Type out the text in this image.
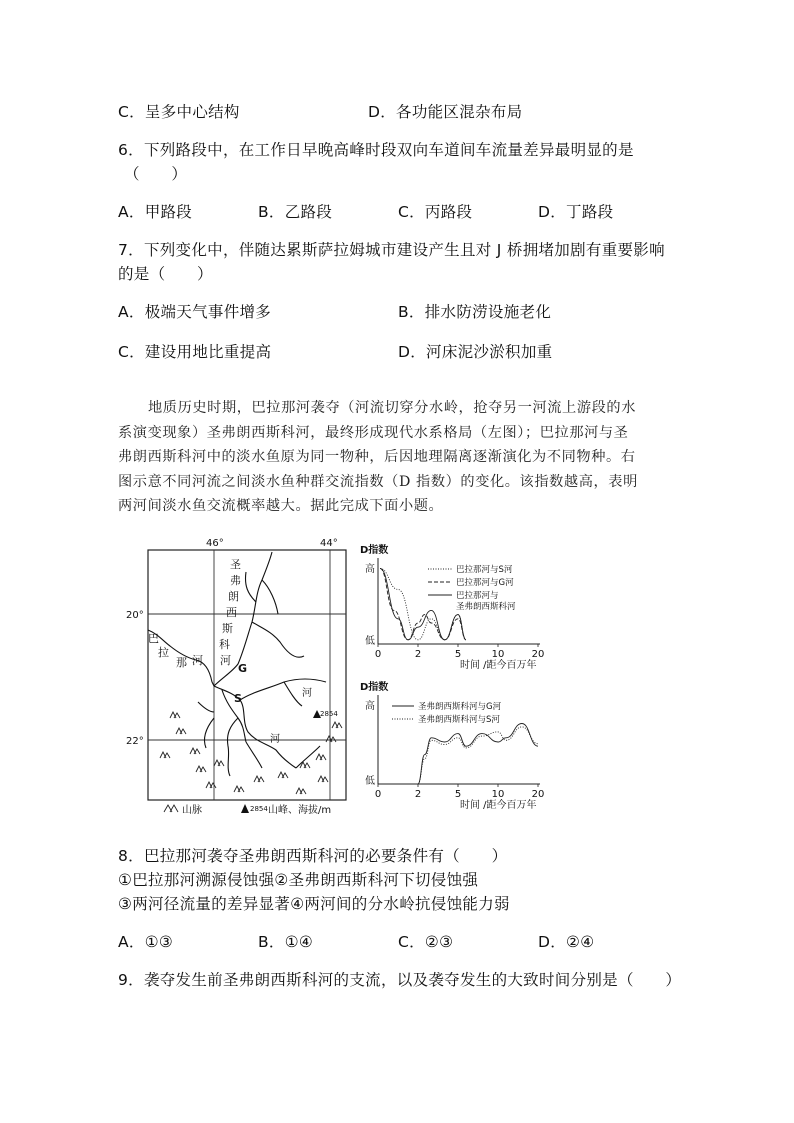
C．呈多中心结构	D．各功能区混杂布局
6．下列路段中，在工作日早晚高峰时段双向车道间车流量差异最明显的是
（　　）
A．甲路段	B．乙路段	C．丙路段	D．丁路段
7．下列变化中，伴随达累斯萨拉姆城市建设产生且对 J 桥拥堵加剧有重要影响
的是（　　）
A．极端天气事件增多	B．排水防涝设施老化
C．建设用地比重提高	D．河床泥沙淤积加重
地质历史时期，巴拉那河袭夺（河流切穿分水岭，抢夺另一河流上游段的水
系演变现象）圣弗朗西斯科河，最终形成现代水系格局（左图）；巴拉那河与圣
弗朗西斯科河中的淡水鱼原为同一物种，后因地理隔离逐渐演化为不同物种。右
图示意不同河流之间淡水鱼种群交流指数（D 指数）的变化。该指数越高，表明
两河间淡水鱼交流概率越大。据此完成下面小题。
46°	44°
20°
22°
圣
弗
朗
西
斯
科
河
巴
拉
那 河
G
S	河
河
2854
山脉	2854 山峰、海拔/m
D指数
高
低
0	2	5	10	20
时间 /距今百万年
巴拉那河与S河
巴拉那河与G河
巴拉那河与
圣弗朗西斯科河
D指数
高
低
0	2	5	10	20
时间 /距今百万年
圣弗朗西斯科河与G河
圣弗朗西斯科河与S河
8．巴拉那河袭夺圣弗朗西斯科河的必要条件有（　　）
①巴拉那河溯源侵蚀强②圣弗朗西斯科河下切侵蚀强
③两河径流量的差异显著④两河间的分水岭抗侵蚀能力弱
A．①③	B．①④	C．②③	D．②④
9．袭夺发生前圣弗朗西斯科河的支流，以及袭夺发生的大致时间分别是（　　）
